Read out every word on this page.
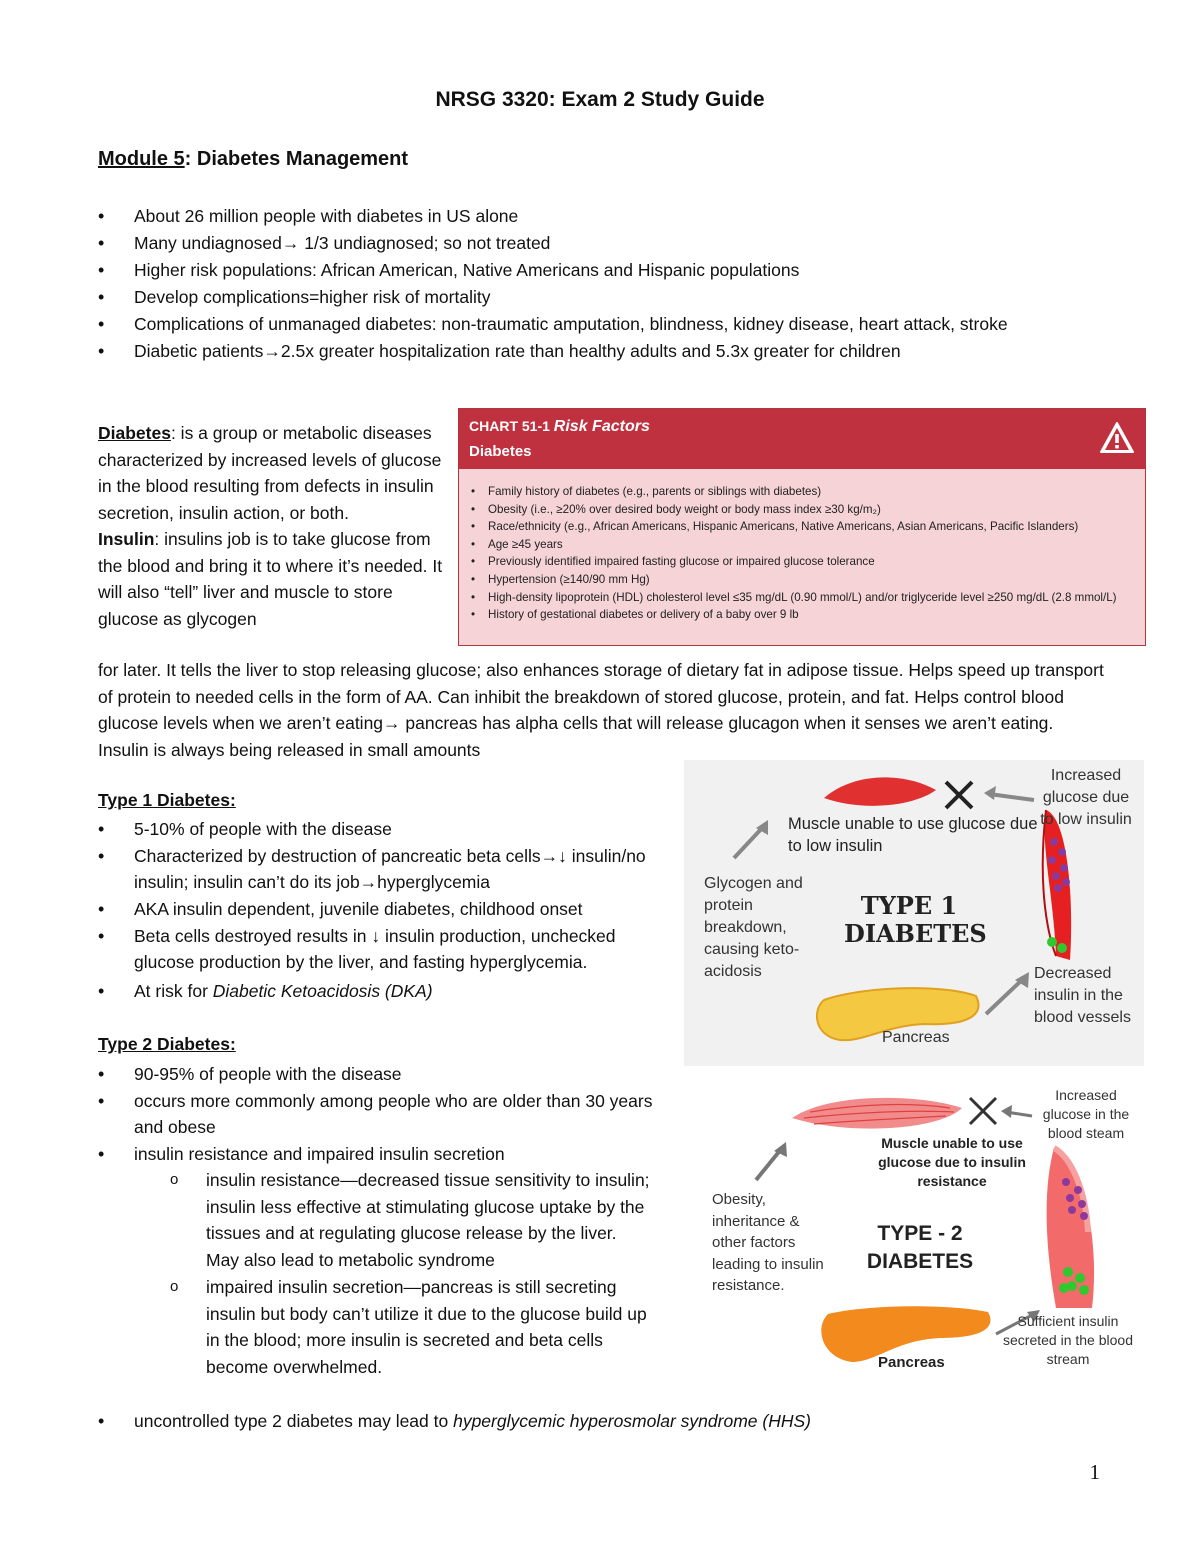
NRSG 3320: Exam 2 Study Guide
Module 5: Diabetes Management
• About 26 million people with diabetes in US alone
• Many undiagnosed→ 1/3 undiagnosed; so not treated
• Higher risk populations: African American, Native Americans and Hispanic populations
• Develop complications=higher risk of mortality
• Complications of unmanaged diabetes: non-traumatic amputation, blindness, kidney disease, heart attack, stroke
• Diabetic patients→2.5x greater hospitalization rate than healthy adults and 5.3x greater for children
Diabetes: is a group or metabolic diseases characterized by increased levels of glucose in the blood resulting from defects in insulin secretion, insulin action, or both.
Insulin: insulins job is to take glucose from the blood and bring it to where it’s needed. It will also “tell” liver and muscle to store glucose as glycogen
for later. It tells the liver to stop releasing glucose; also enhances storage of dietary fat in adipose tissue. Helps speed up transport of protein to needed cells in the form of AA. Can inhibit the breakdown of stored glucose, protein, and fat. Helps control blood glucose levels when we aren’t eating→ pancreas has alpha cells that will release glucagon when it senses we aren’t eating. Insulin is always being released in small amounts
CHART 51-1 Risk Factors
Diabetes
• Family history of diabetes (e.g., parents or siblings with diabetes)
• Obesity (i.e., ≥20% over desired body weight or body mass index ≥30 kg/m₂)
• Race/ethnicity (e.g., African Americans, Hispanic Americans, Native Americans, Asian Americans, Pacific Islanders)
• Age ≥45 years
• Previously identified impaired fasting glucose or impaired glucose tolerance
• Hypertension (≥140/90 mm Hg)
• High-density lipoprotein (HDL) cholesterol level ≤35 mg/dL (0.90 mmol/L) and/or triglyceride level ≥250 mg/dL (2.8 mmol/L)
• History of gestational diabetes or delivery of a baby over 9 lb
Type 1 Diabetes:
• 5-10% of people with the disease
• Characterized by destruction of pancreatic beta cells→↓ insulin/no insulin; insulin can’t do its job→hyperglycemia
• AKA insulin dependent, juvenile diabetes, childhood onset
• Beta cells destroyed results in ↓ insulin production, unchecked glucose production by the liver, and fasting hyperglycemia.
• At risk for Diabetic Ketoacidosis (DKA)
Type 2 Diabetes:
• 90-95% of people with the disease
• occurs more commonly among people who are older than 30 years and obese
• insulin resistance and impaired insulin secretion
o insulin resistance—decreased tissue sensitivity to insulin; insulin less effective at stimulating glucose uptake by the tissues and at regulating glucose release by the liver. May also lead to metabolic syndrome
o impaired insulin secretion—pancreas is still secreting insulin but body can’t utilize it due to the glucose build up in the blood; more insulin is secreted and beta cells become overwhelmed.
• uncontrolled type 2 diabetes may lead to hyperglycemic hyperosmolar syndrome (HHS)
Muscle unable to use glucose due to low insulin
Increased glucose due to low insulin
Glycogen and protein breakdown, causing keto-acidosis	Decreased insulin in the blood vessels
Pancreas
TYPE 1
DIABETES
Muscle unable to use glucose due to insulin resistance
Increased glucose in the blood steam
Obesity, inheritance & other factors leading to insulin resistance.
Sufficient insulin secreted in the blood stream
Pancreas
TYPE - 2
DIABETES
1
